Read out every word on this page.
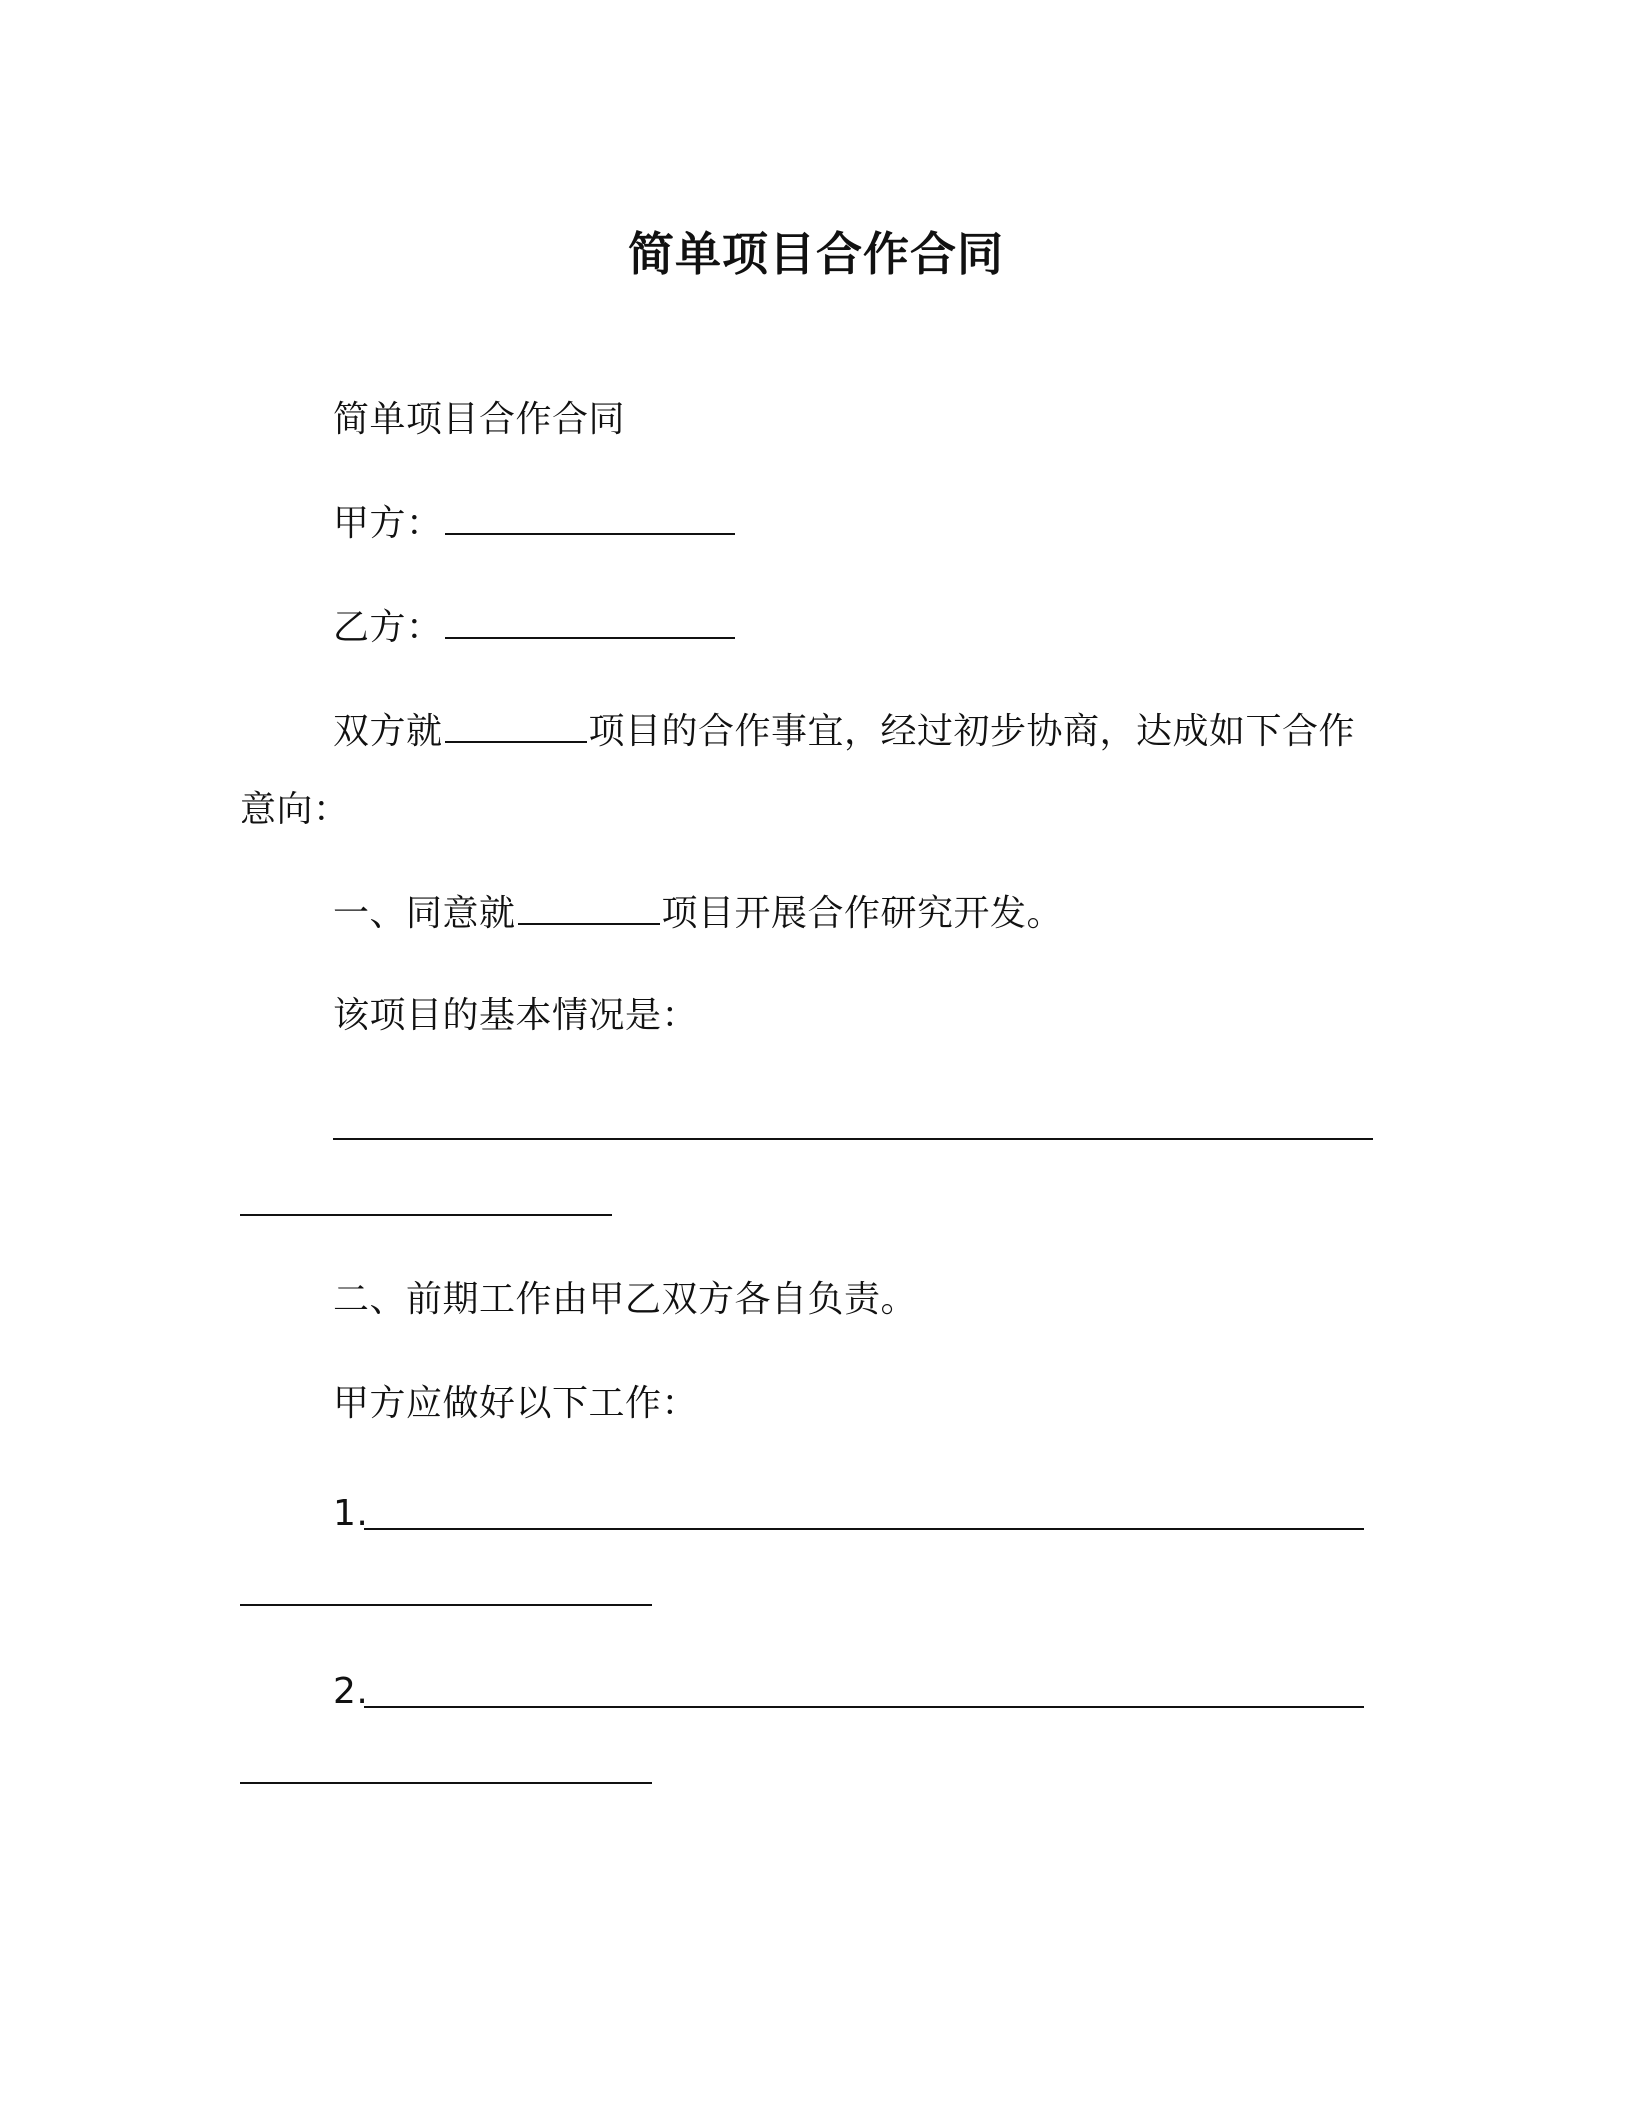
简单项目合作合同
简单项目合作合同
甲方：
乙方：
双方就	项目的合作事宜，经过初步协商，达成如下合作
意向：
一、同意就	项目开展合作研究开发。
该项目的基本情况是：
二、前期工作由甲乙双方各自负责。
甲方应做好以下工作：
1.
2.
